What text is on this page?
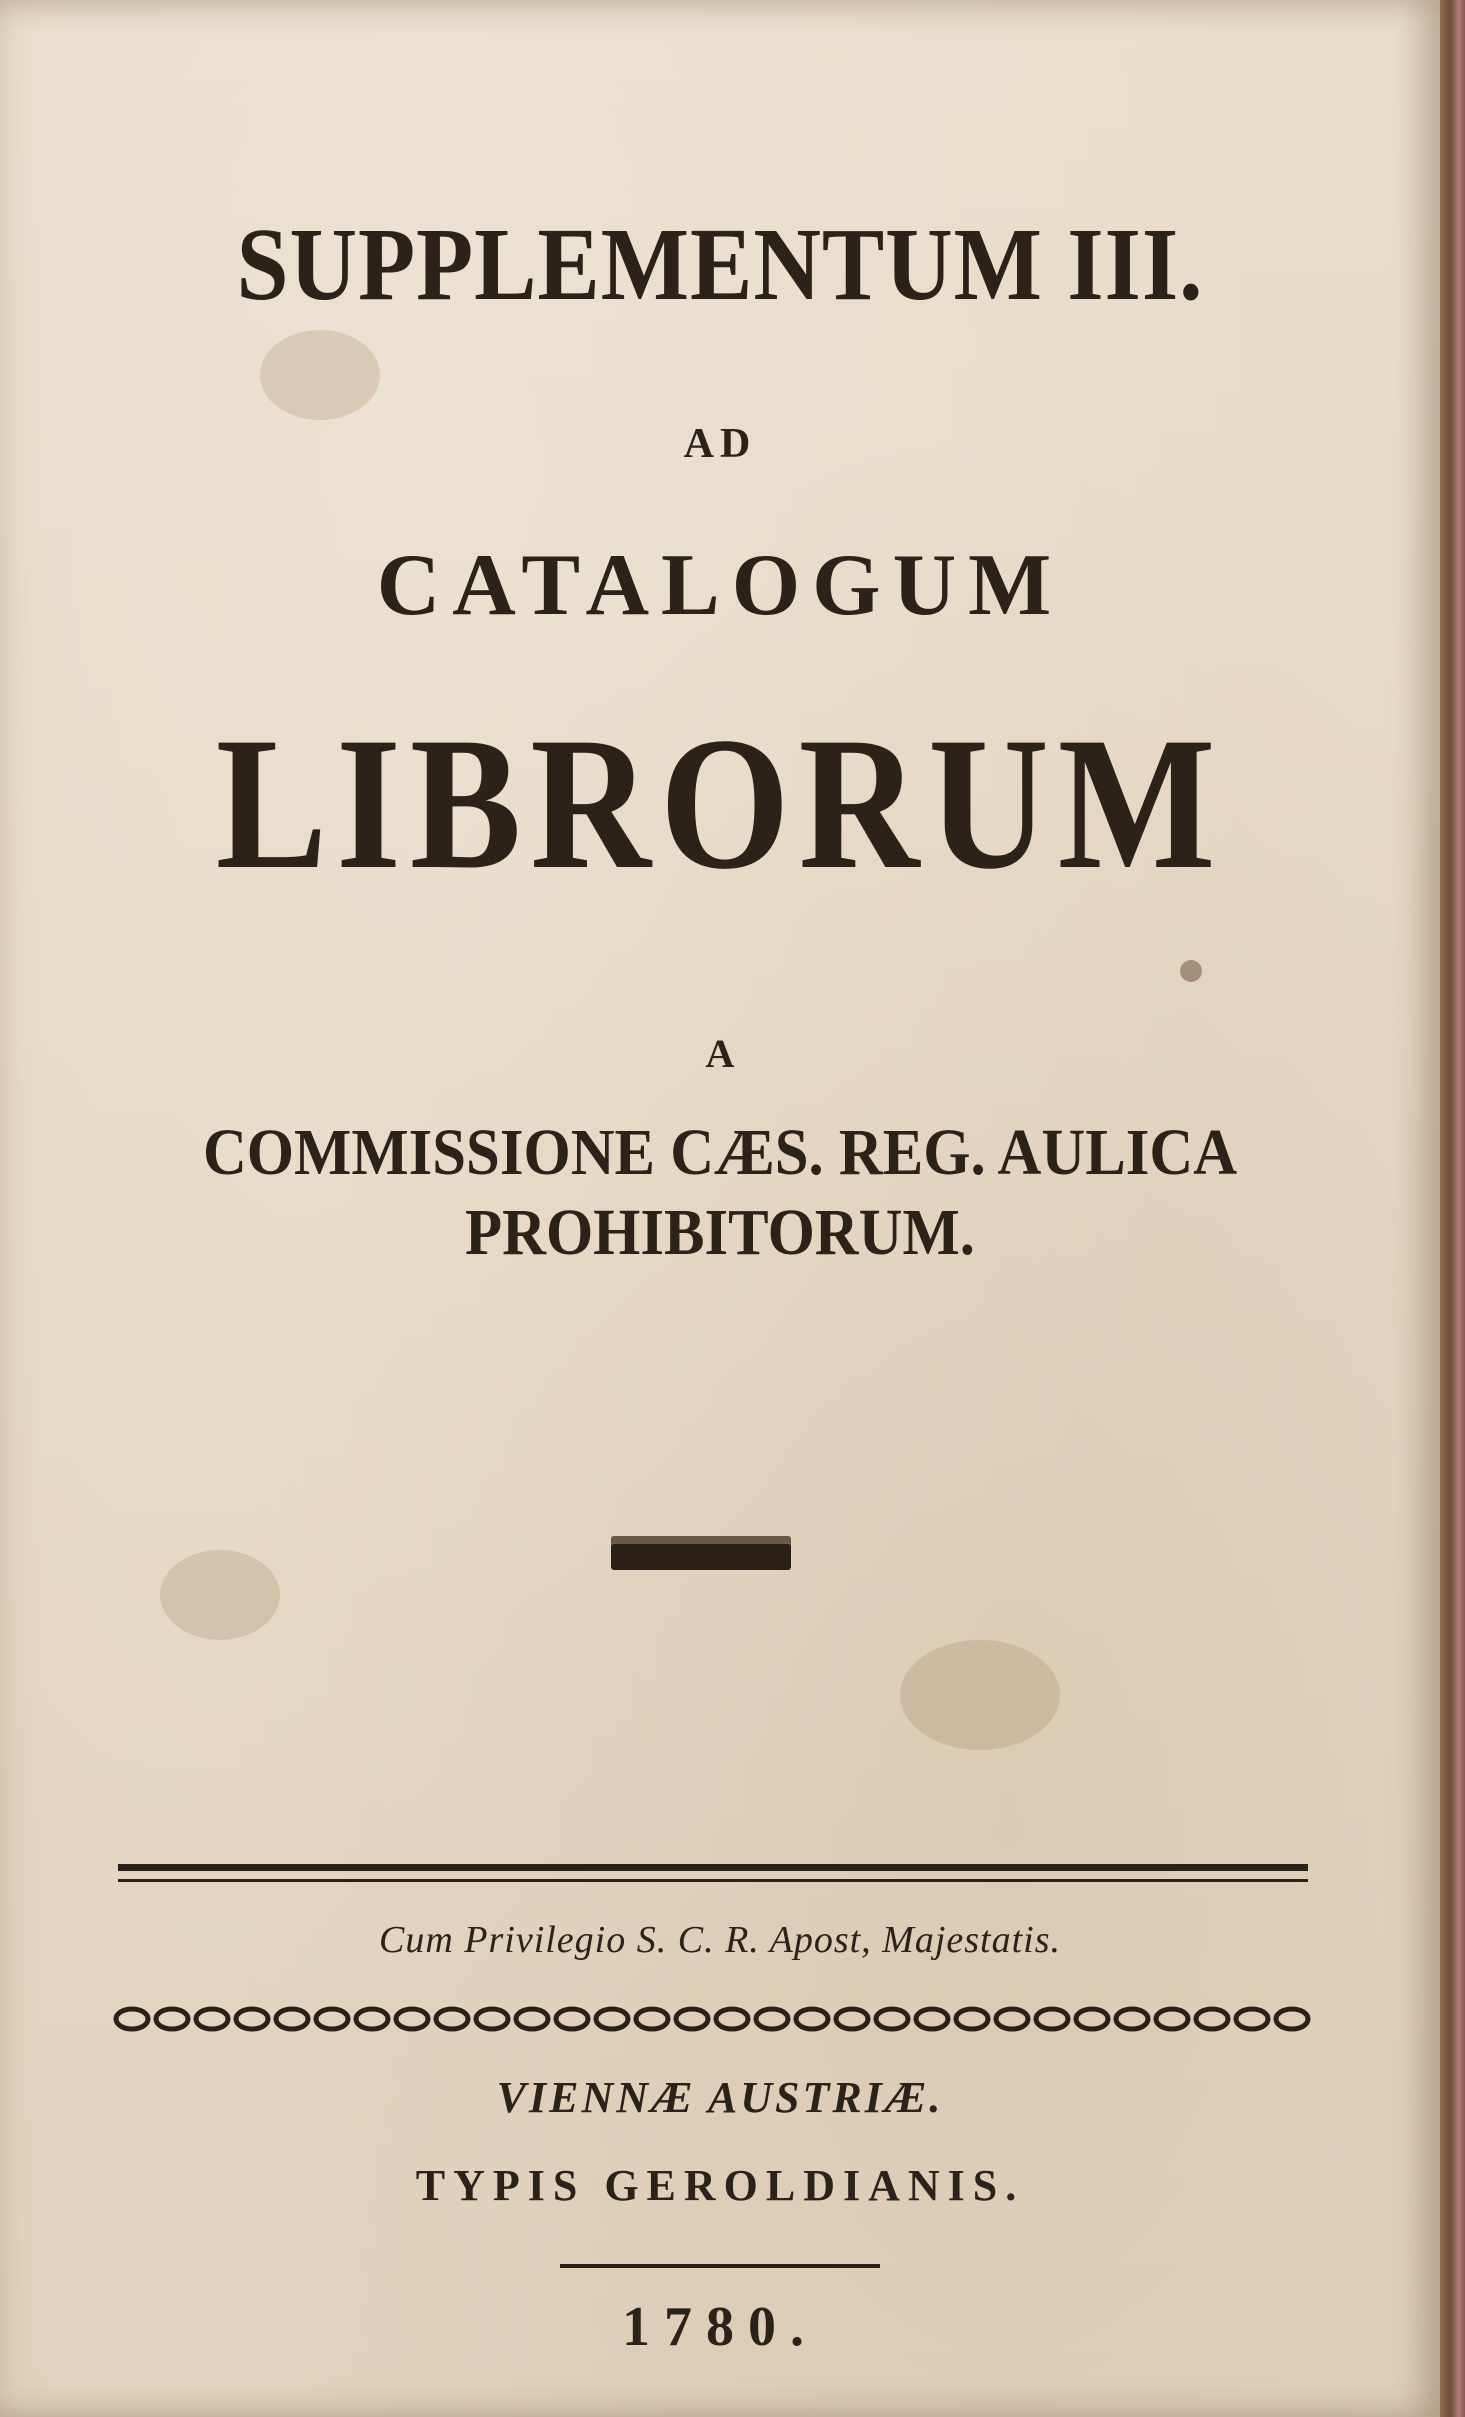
SUPPLEMENTUM III.
AD
CATALOGUM
LIBRORUM
A
COMMISSIONE CÆS. REG. AULICA
PROHIBITORUM.
Cum Privilegio S. C. R. Apost, Majestatis.
VIENNÆ AUSTRIÆ.
TYPIS GEROLDIANIS.
1780.
